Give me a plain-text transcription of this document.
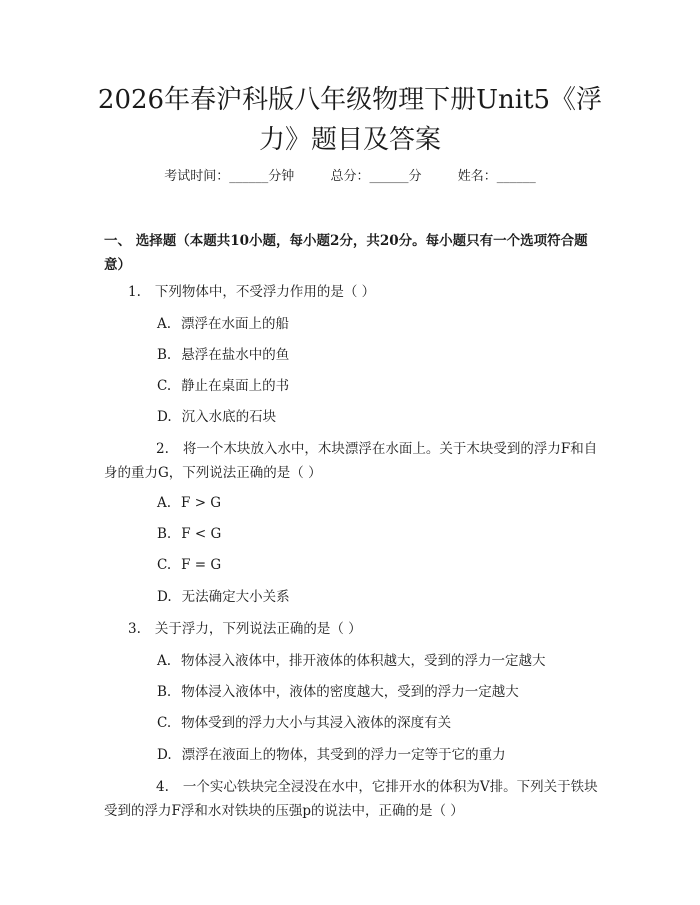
2026年春沪科版八年级物理下册Unit5《浮
力》题目及答案
考试时间：______分钟	总分：______分	姓名：______
一、 选择题（本题共10小题，每小题2分，共20分。每小题只有一个选项符合题意）
1. 下列物体中，不受浮力作用的是（ ）
A. 漂浮在水面上的船
B. 悬浮在盐水中的鱼
C. 静止在桌面上的书
D. 沉入水底的石块
2. 将一个木块放入水中，木块漂浮在水面上。关于木块受到的浮力F和自身的重力G，下列说法正确的是（ ）
A. F > G
B. F < G
C. F = G
D. 无法确定大小关系
3. 关于浮力，下列说法正确的是（ ）
A. 物体浸入液体中，排开液体的体积越大，受到的浮力一定越大
B. 物体浸入液体中，液体的密度越大，受到的浮力一定越大
C. 物体受到的浮力大小与其浸入液体的深度有关
D. 漂浮在液面上的物体，其受到的浮力一定等于它的重力
4. 一个实心铁块完全浸没在水中，它排开水的体积为V排。下列关于铁块受到的浮力F浮和水对铁块的压强p的说法中，正确的是（ ）
